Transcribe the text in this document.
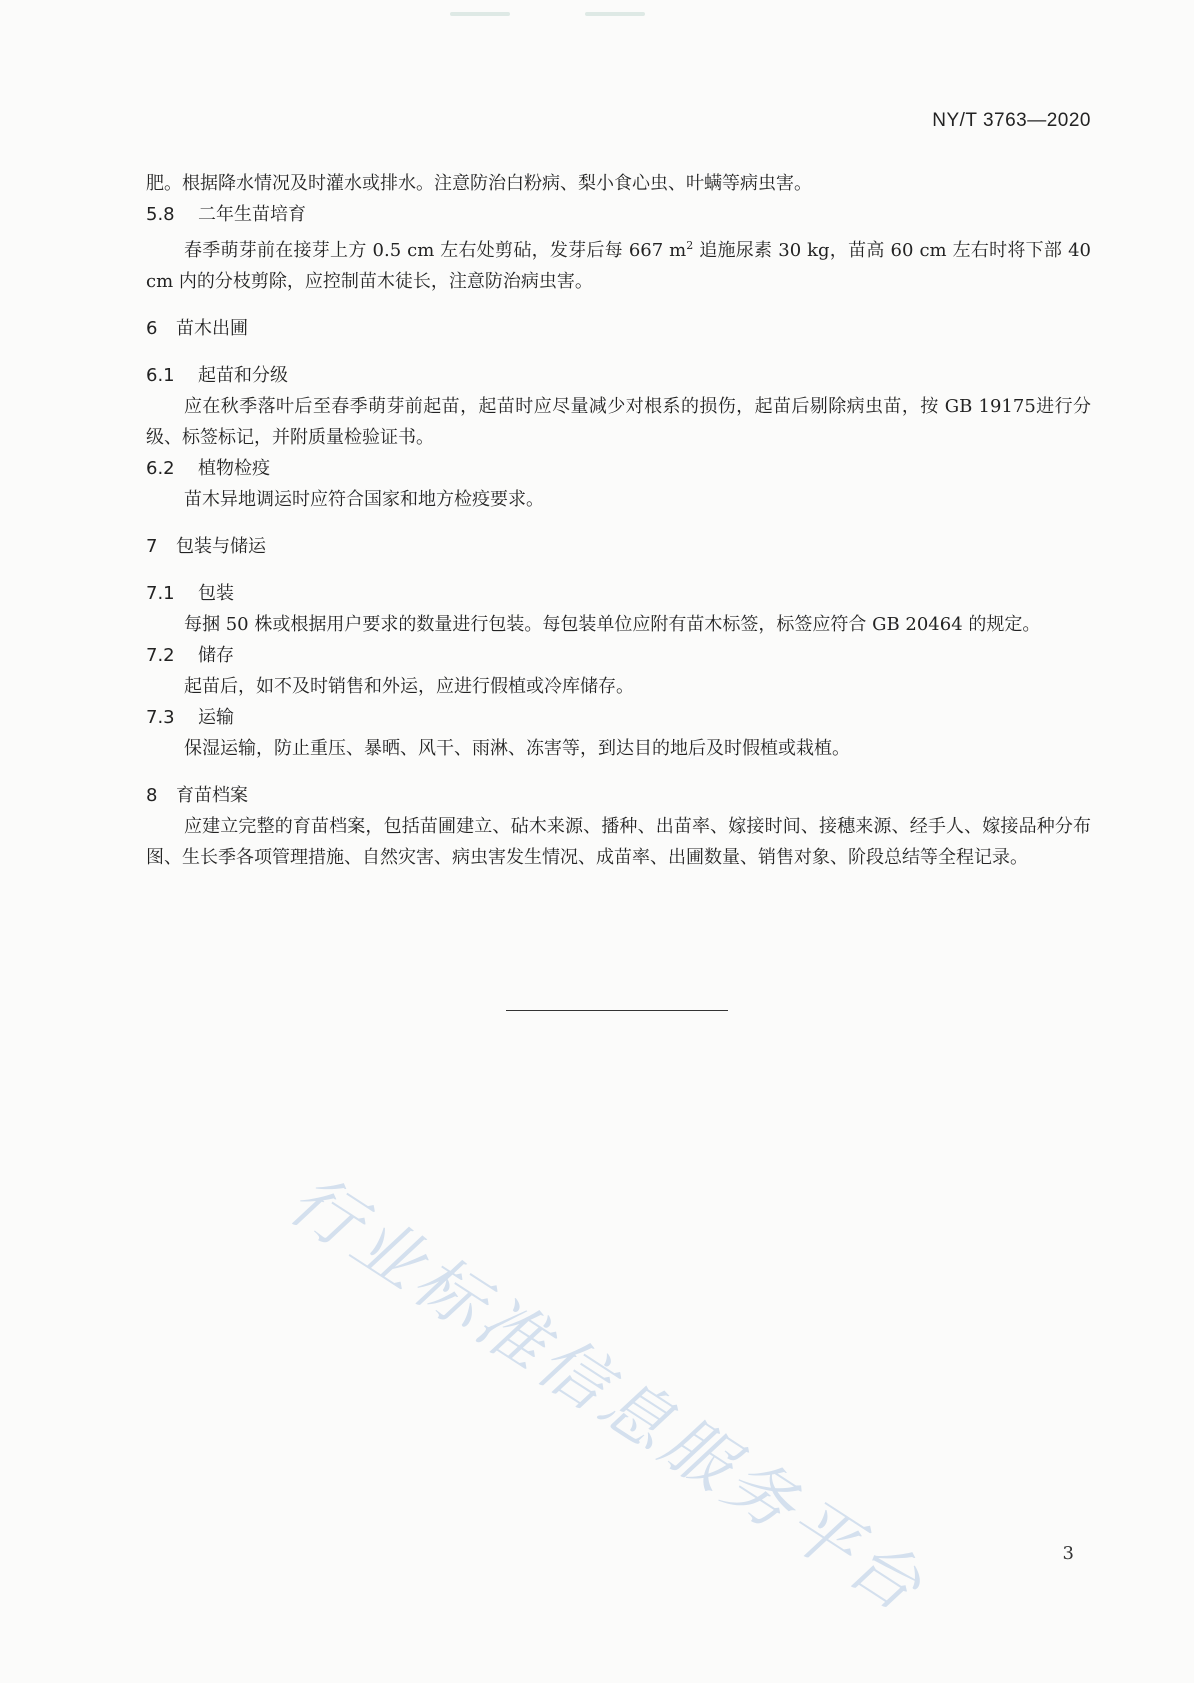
NY/T 3763—2020

肥。根据降水情况及时灌水或排水。注意防治白粉病、梨小食心虫、叶螨等病虫害。

5.8	二年生苗培育

春季萌芽前在接芽上方 0.5 cm 左右处剪砧，发芽后每 667 $m^2$ 追施尿素 30 kg，苗高 60 cm 左右时将下部 40 cm 内的分枝剪除，应控制苗木徒长，注意防治病虫害。

6	苗木出圃
6.1	起苗和分级

应在秋季落叶后至春季萌芽前起苗，起苗时应尽量减少对根系的损伤，起苗后剔除病虫苗，按 GB 19175进行分级、标签标记，并附质量检验证书。

6.2	植物检疫

苗木异地调运时应符合国家和地方检疫要求。

7	包装与储运
7.1	包装

每捆 50 株或根据用户要求的数量进行包装。每包装单位应附有苗木标签，标签应符合 GB 20464 的规定。

7.2	储存

起苗后，如不及时销售和外运，应进行假植或冷库储存。

7.3	运输

保湿运输，防止重压、暴晒、风干、雨淋、冻害等，到达目的地后及时假植或栽植。

8	育苗档案

应建立完整的育苗档案，包括苗圃建立、砧木来源、播种、出苗率、嫁接时间、接穗来源、经手人、嫁接品种分布图、生长季各项管理措施、自然灾害、病虫害发生情况、成苗率、出圃数量、销售对象、阶段总结等全程记录。

行业标准信息服务平台	3
